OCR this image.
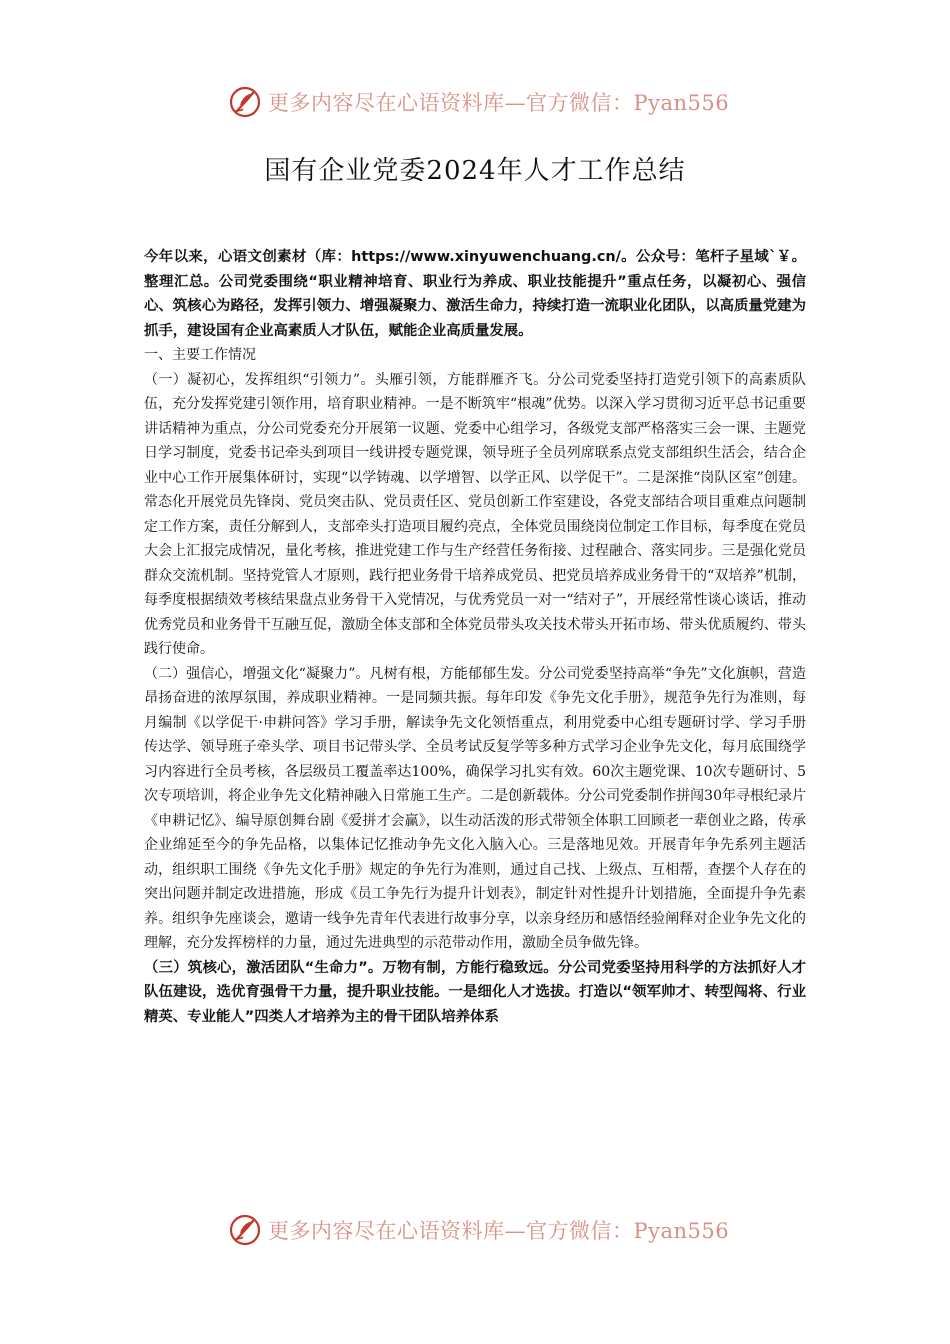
更多内容尽在心语资料库—官方微信：Pyan556
国有企业党委2024年人才工作总结

今年以来，心语文创素材（库：https://www.xinyuwenchuang.cn/。公众号：笔杆子星域`￥。整理汇总。公司党委围绕“职业精神培育、职业行为养成、职业技能提升”重点任务，以凝初心、强信心、筑核心为路径，发挥引领力、增强凝聚力、激活生命力，持续打造一流职业化团队，以高质量党建为抓手，建设国有企业高素质人才队伍，赋能企业高质量发展。

一、主要工作情况

（一）凝初心，发挥组织“引领力”。头雁引领，方能群雁齐飞。分公司党委坚持打造党引领下的高素质队伍，充分发挥党建引领作用，培育职业精神。一是不断筑牢“根魂”优势。以深入学习贯彻习近平总书记重要讲话精神为重点，分公司党委充分开展第一议题、党委中心组学习，各级党支部严格落实三会一课、主题党日学习制度，党委书记牵头到项目一线讲授专题党课，领导班子全员列席联系点党支部组织生活会，结合企业中心工作开展集体研讨，实现“以学铸魂、以学增智、以学正风、以学促干”。二是深推“岗队区室”创建。常态化开展党员先锋岗、党员突击队、党员责任区、党员创新工作室建设，各党支部结合项目重难点问题制定工作方案，责任分解到人，支部牵头打造项目履约亮点，全体党员围绕岗位制定工作目标，每季度在党员大会上汇报完成情况，量化考核，推进党建工作与生产经营任务衔接、过程融合、落实同步。三是强化党员群众交流机制。坚持党管人才原则，践行把业务骨干培养成党员、把党员培养成业务骨干的“双培养”机制，每季度根据绩效考核结果盘点业务骨干入党情况，与优秀党员一对一“结对子”，开展经常性谈心谈话，推动优秀党员和业务骨干互融互促，激励全体支部和全体党员带头攻关技术带头开拓市场、带头优质履约、带头践行使命。

（二）强信心，增强文化“凝聚力”。凡树有根，方能郁郁生发。分公司党委坚持高举“争先”文化旗帜，营造昂扬奋进的浓厚氛围，养成职业精神。一是同频共振。每年印发《争先文化手册》，规范争先行为准则，每月编制《以学促干·申耕问答》学习手册，解读争先文化领悟重点，利用党委中心组专题研讨学、学习手册传达学、领导班子牵头学、项目书记带头学、全员考试反复学等多种方式学习企业争先文化，每月底围绕学习内容进行全员考核，各层级员工覆盖率达100%，确保学习扎实有效。60次主题党课、10次专题研讨、5次专项培训，将企业争先文化精神融入日常施工生产。二是创新载体。分公司党委制作拼闯30年寻根纪录片《申耕记忆》、编导原创舞台剧《爱拼才会赢》，以生动活泼的形式带领全体职工回顾老一辈创业之路，传承企业绵延至今的争先品格，以集体记忆推动争先文化入脑入心。三是落地见效。开展青年争先系列主题活动，组织职工围绕《争先文化手册》规定的争先行为准则，通过自己找、上级点、互相帮，查摆个人存在的突出问题并制定改进措施，形成《员工争先行为提升计划表》，制定针对性提升计划措施，全面提升争先素养。组织争先座谈会，邀请一线争先青年代表进行故事分享，以亲身经历和感悟经验阐释对企业争先文化的理解，充分发挥榜样的力量，通过先进典型的示范带动作用，激励全员争做先锋。

（三）筑核心，激活团队“生命力”。万物有制，方能行稳致远。分公司党委坚持用科学的方法抓好人才队伍建设，选优育强骨干力量，提升职业技能。一是细化人才选拔。打造以“领军帅才、转型闯将、行业精英、专业能人”四类人才培养为主的骨干团队培养体系

更多内容尽在心语资料库—官方微信：Pyan556
